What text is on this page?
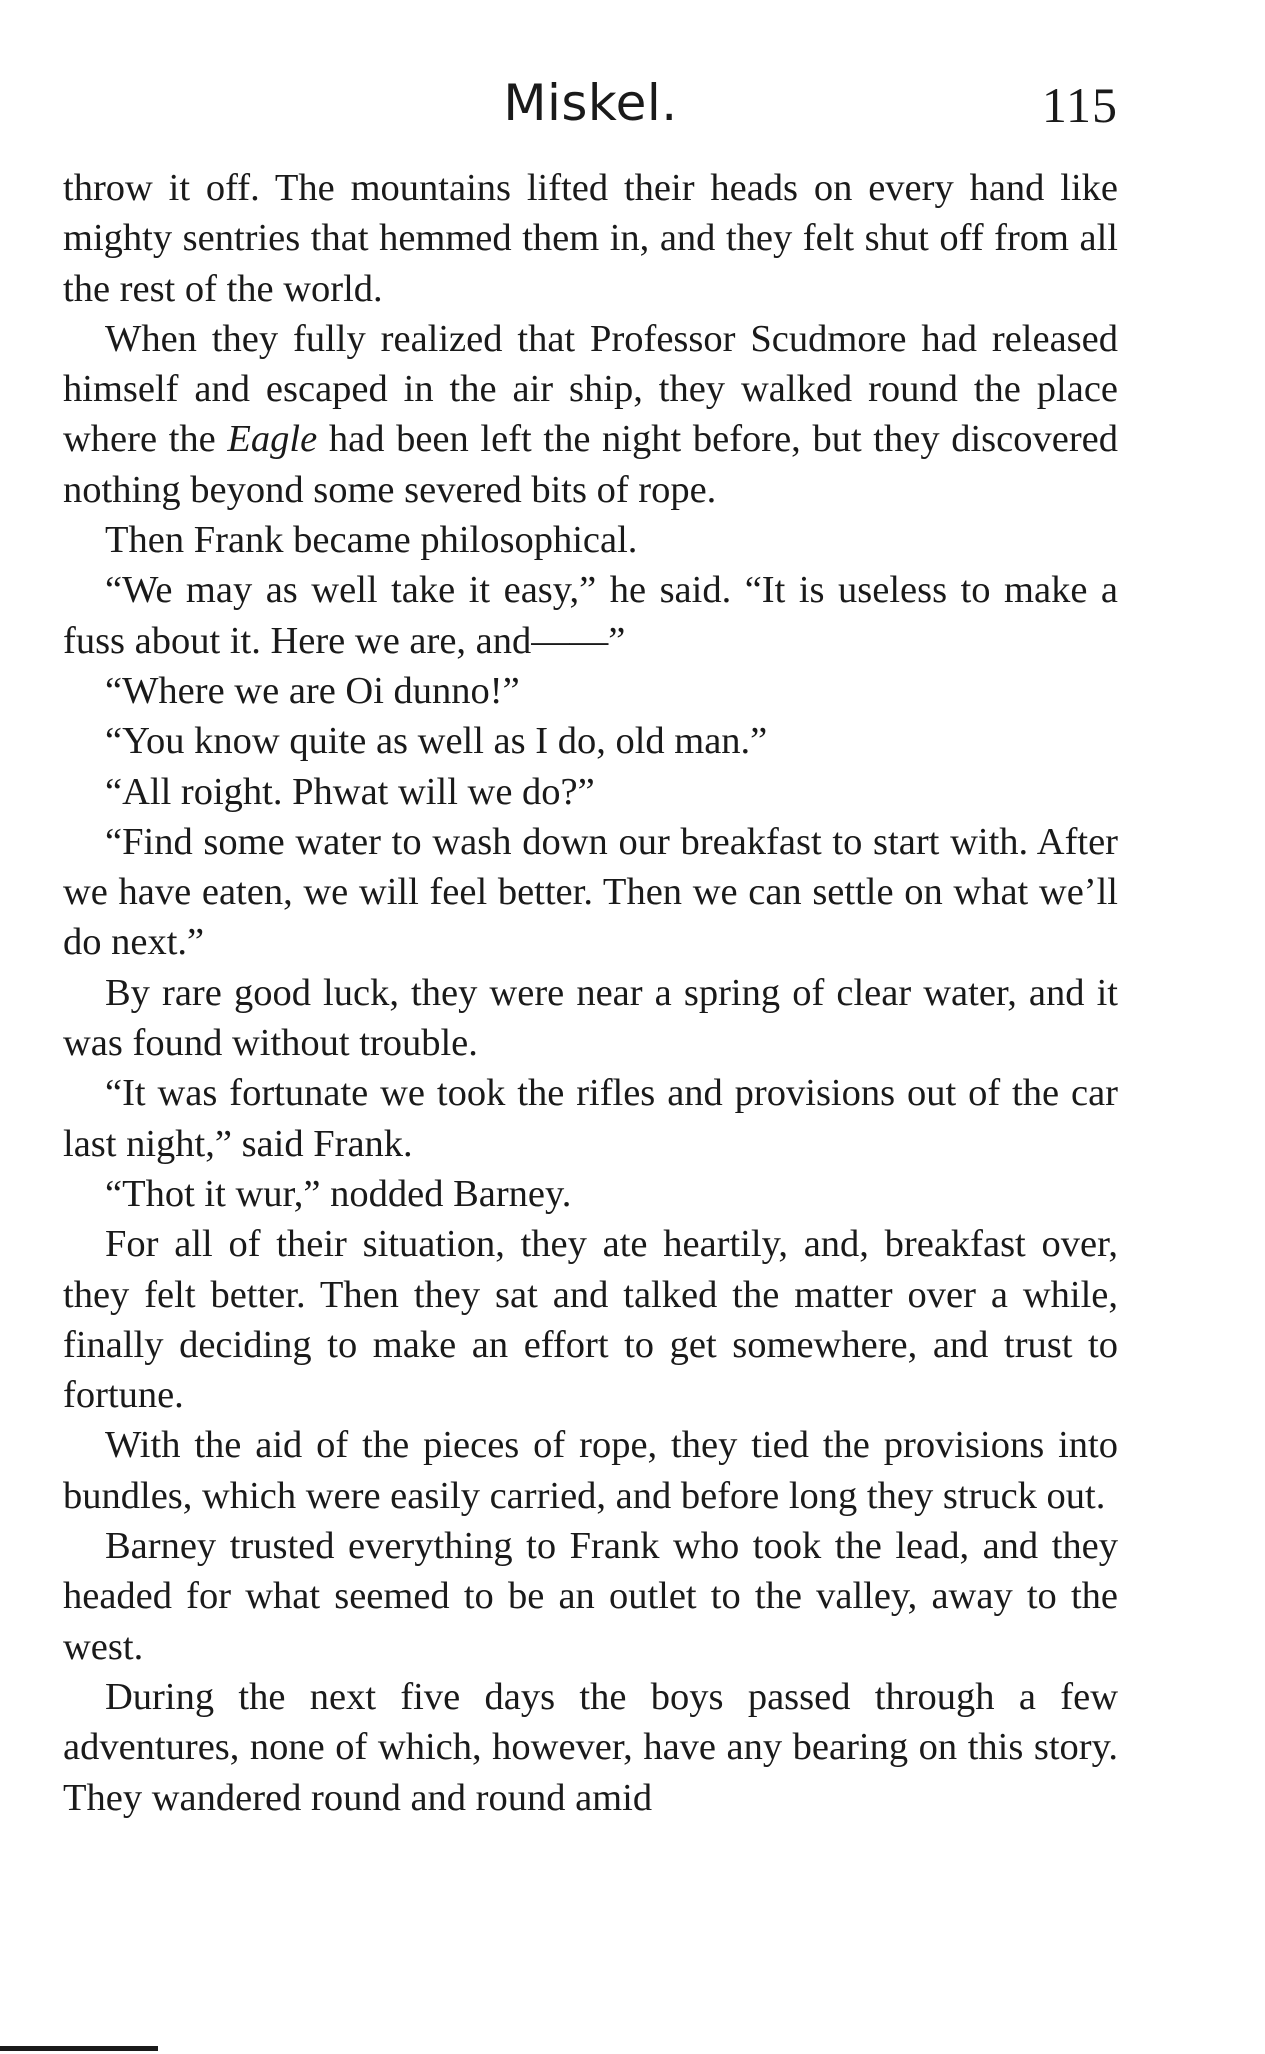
Miskel.	115

throw it off. The mountains lifted their heads on every hand like mighty sentries that hemmed them in, and they felt shut off from all the rest of the world.

When they fully realized that Professor Scudmore had released himself and escaped in the air ship, they walked round the place where the Eagle had been left the night before, but they discovered nothing beyond some severed bits of rope.

Then Frank became philosophical.

“We may as well take it easy,” he said. “It is useless to make a fuss about it. Here we are, and——”

“Where we are Oi dunno!”

“You know quite as well as I do, old man.”

“All roight. Phwat will we do?”

“Find some water to wash down our breakfast to start with. After we have eaten, we will feel better. Then we can settle on what we’ll do next.”

By rare good luck, they were near a spring of clear water, and it was found without trouble.

“It was fortunate we took the rifles and provisions out of the car last night,” said Frank.

“Thot it wur,” nodded Barney.

For all of their situation, they ate heartily, and, breakfast over, they felt better. Then they sat and talked the matter over a while, finally deciding to make an effort to get somewhere, and trust to fortune.

With the aid of the pieces of rope, they tied the provisions into bundles, which were easily carried, and before long they struck out.

Barney trusted everything to Frank who took the lead, and they headed for what seemed to be an outlet to the valley, away to the west.

During the next five days the boys passed through a few adventures, none of which, however, have any bearing on this story. They wandered round and round amid
